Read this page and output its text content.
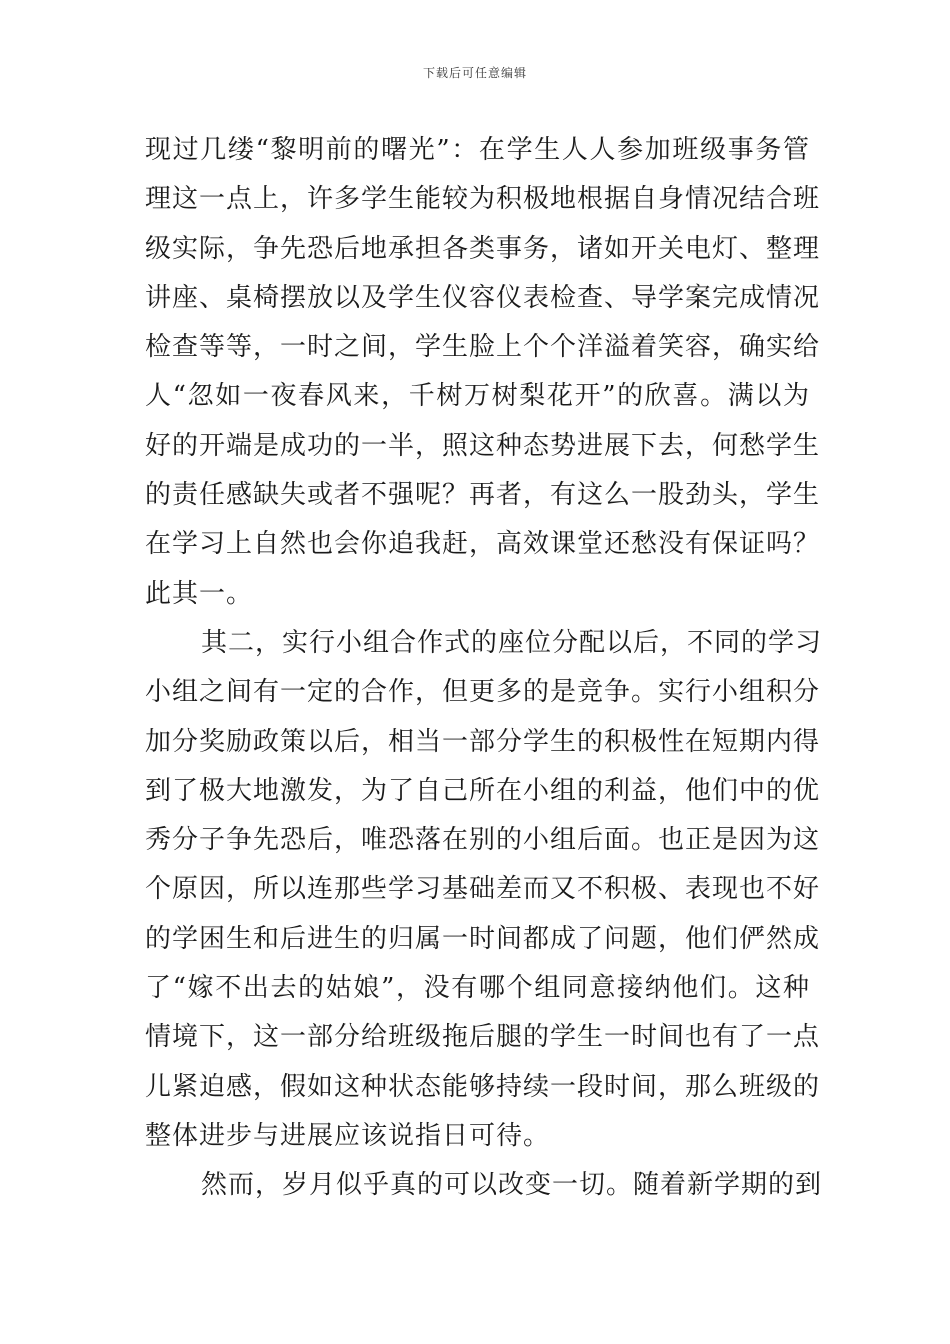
下载后可任意编辑
现过几缕“黎明前的曙光”：在学生人人参加班级事务管
理这一点上，许多学生能较为积极地根据自身情况结合班
级实际，争先恐后地承担各类事务，诸如开关电灯、整理
讲座、桌椅摆放以及学生仪容仪表检查、导学案完成情况
检查等等，一时之间，学生脸上个个洋溢着笑容，确实给
人“忽如一夜春风来，千树万树梨花开”的欣喜。满以为
好的开端是成功的一半，照这种态势进展下去，何愁学生
的责任感缺失或者不强呢？再者，有这么一股劲头，学生
在学习上自然也会你追我赶，高效课堂还愁没有保证吗？
此其一。
其二，实行小组合作式的座位分配以后，不同的学习
小组之间有一定的合作，但更多的是竞争。实行小组积分
加分奖励政策以后，相当一部分学生的积极性在短期内得
到了极大地激发，为了自己所在小组的利益，他们中的优
秀分子争先恐后，唯恐落在别的小组后面。也正是因为这
个原因，所以连那些学习基础差而又不积极、表现也不好
的学困生和后进生的归属一时间都成了问题，他们俨然成
了“嫁不出去的姑娘”，没有哪个组同意接纳他们。这种
情境下，这一部分给班级拖后腿的学生一时间也有了一点
儿紧迫感，假如这种状态能够持续一段时间，那么班级的
整体进步与进展应该说指日可待。
然而，岁月似乎真的可以改变一切。随着新学期的到
